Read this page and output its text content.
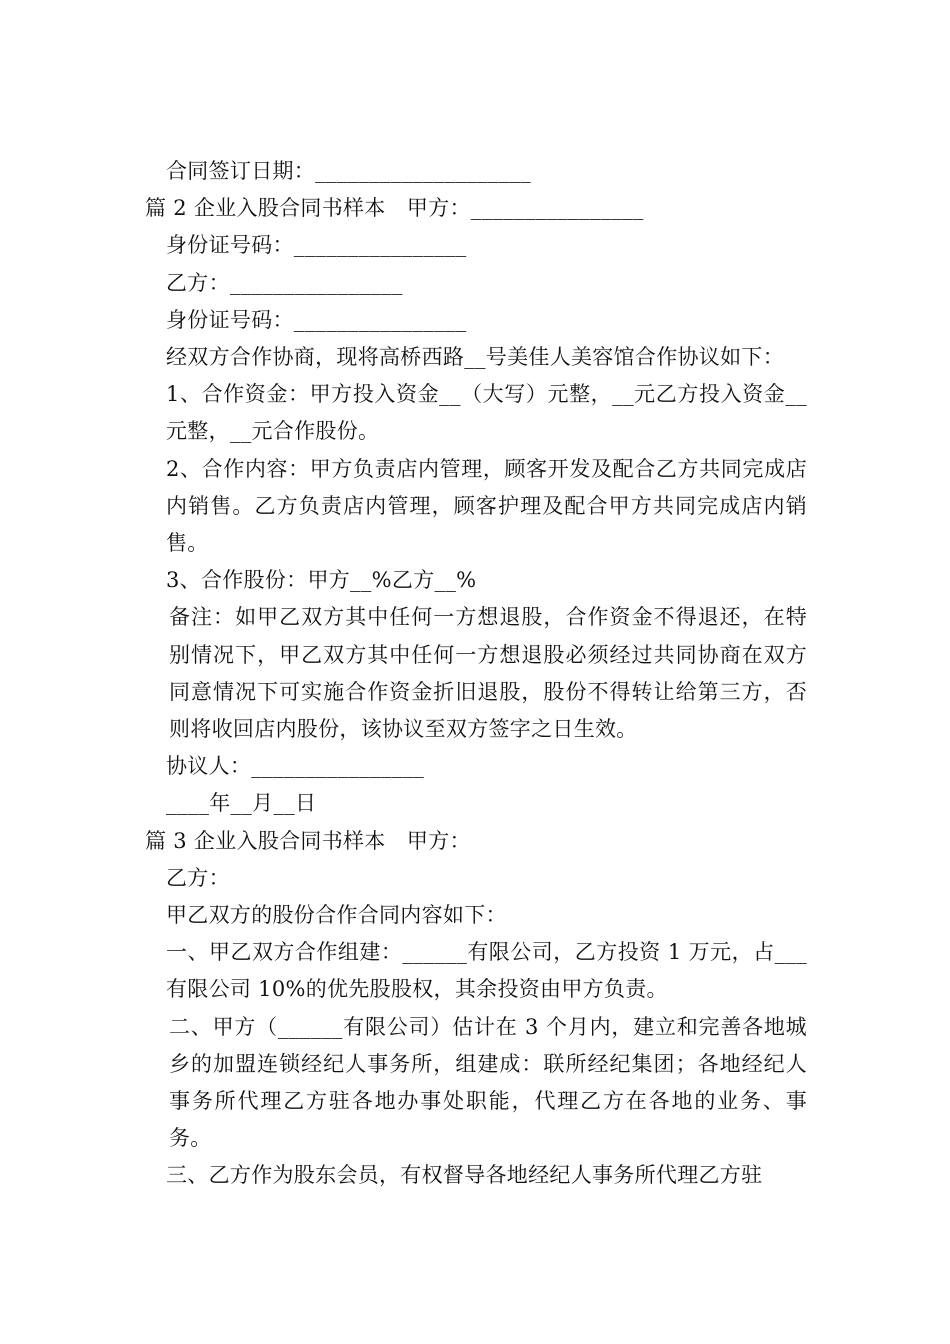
合同签订日期：____________________
篇 2 企业入股合同书样本　甲方：________________
身份证号码：________________
乙方：________________
身份证号码：________________
经双方合作协商，现将高桥西路__号美佳人美容馆合作协议如下：
1、合作资金：甲方投入资金__（大写）元整，__元乙方投入资金__元整，__元合作股份。
2、合作内容：甲方负责店内管理，顾客开发及配合乙方共同完成店内销售。乙方负责店内管理，顾客护理及配合甲方共同完成店内销售。
3、合作股份：甲方__%乙方__%
备注：如甲乙双方其中任何一方想退股，合作资金不得退还，在特别情况下，甲乙双方其中任何一方想退股必须经过共同协商在双方同意情况下可实施合作资金折旧退股，股份不得转让给第三方，否则将收回店内股份，该协议至双方签字之日生效。
协议人：________________
____年__月__日
篇 3 企业入股合同书样本　甲方：
乙方：
甲乙双方的股份合作合同内容如下：
一、甲乙双方合作组建：______有限公司，乙方投资 1 万元，占___有限公司 10%的优先股股权，其余投资由甲方负责。
二、甲方（______有限公司）估计在 3 个月内，建立和完善各地城乡的加盟连锁经纪人事务所，组建成：联所经纪集团；各地经纪人事务所代理乙方驻各地办事处职能，代理乙方在各地的业务、事务。
三、乙方作为股东会员，有权督导各地经纪人事务所代理乙方驻
